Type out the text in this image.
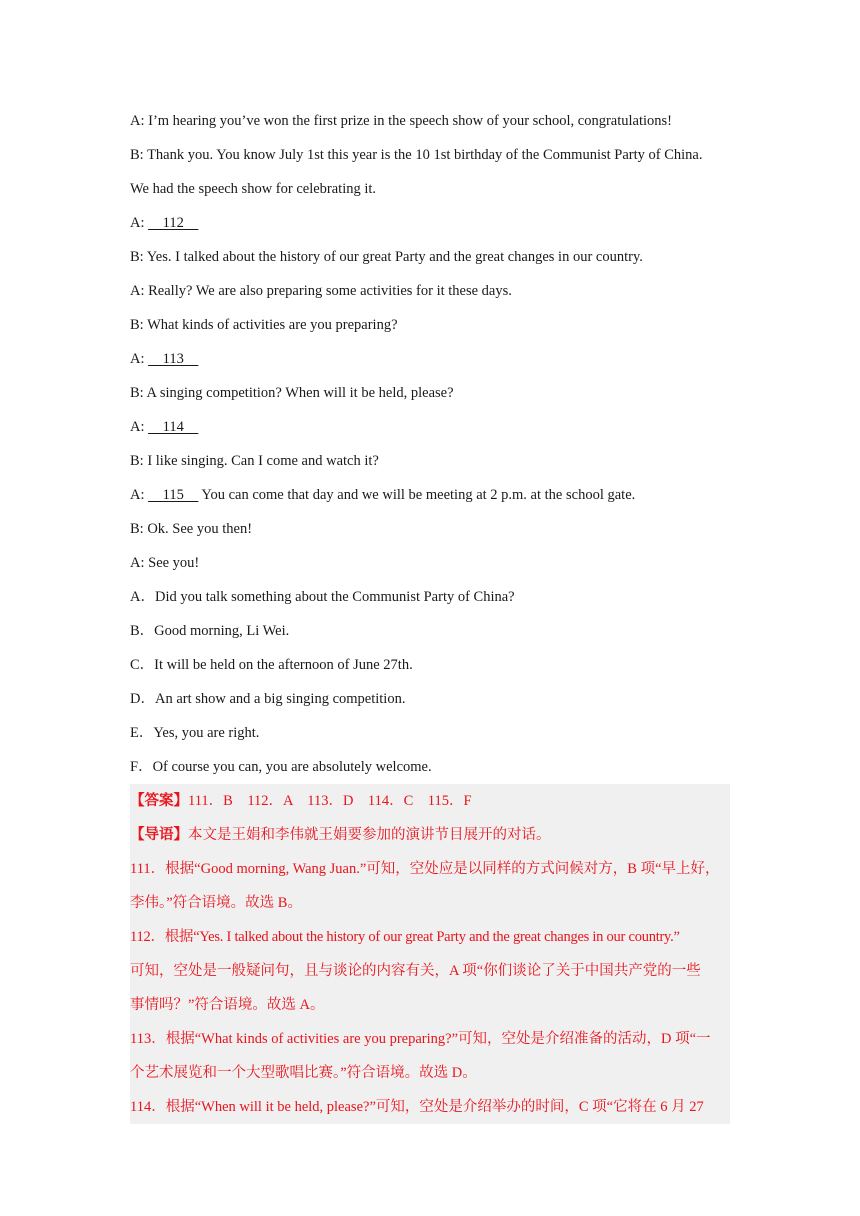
A: I’m hearing you’ve won the first prize in the speech show of your school, congratulations!
B: Thank you. You know July 1st this year is the 10 1st birthday of the Communist Party of China.
We had the speech show for celebrating it.
A:     112
B: Yes. I talked about the history of our great Party and the great changes in our country.
A: Really? We are also preparing some activities for it these days.
B: What kinds of activities are you preparing?
A:     113
B: A singing competition? When will it be held, please?
A:     114
B: I like singing. Can I come and watch it?
A:     115     You can come that day and we will be meeting at 2 p.m. at the school gate.
B: Ok. See you then!
A: See you!
A．Did you talk something about the Communist Party of China?
B．Good morning, Li Wei.
C．It will be held on the afternoon of June 27th.
D．An art show and a big singing competition.
E．Yes, you are right.
F．Of course you can, you are absolutely welcome.
【答案】111．B    112．A    113．D    114．C    115．F
【导语】本文是王娟和李伟就王娟要参加的演讲节目展开的对话。
111．根据“Good morning, Wang Juan.”可知，空处应是以同样的方式问候对方，B 项“早上好，
李伟。”符合语境。故选 B。
112．根据“Yes. I talked about the history of our great Party and the great changes in our country.”
可知，空处是一般疑问句，且与谈论的内容有关，A 项“你们谈论了关于中国共产党的一些
事情吗？”符合语境。故选 A。
113．根据“What kinds of activities are you preparing?”可知，空处是介绍准备的活动，D 项“一
个艺术展览和一个大型歌唱比赛。”符合语境。故选 D。
114．根据“When will it be held, please?”可知，空处是介绍举办的时间，C 项“它将在 6 月 27
